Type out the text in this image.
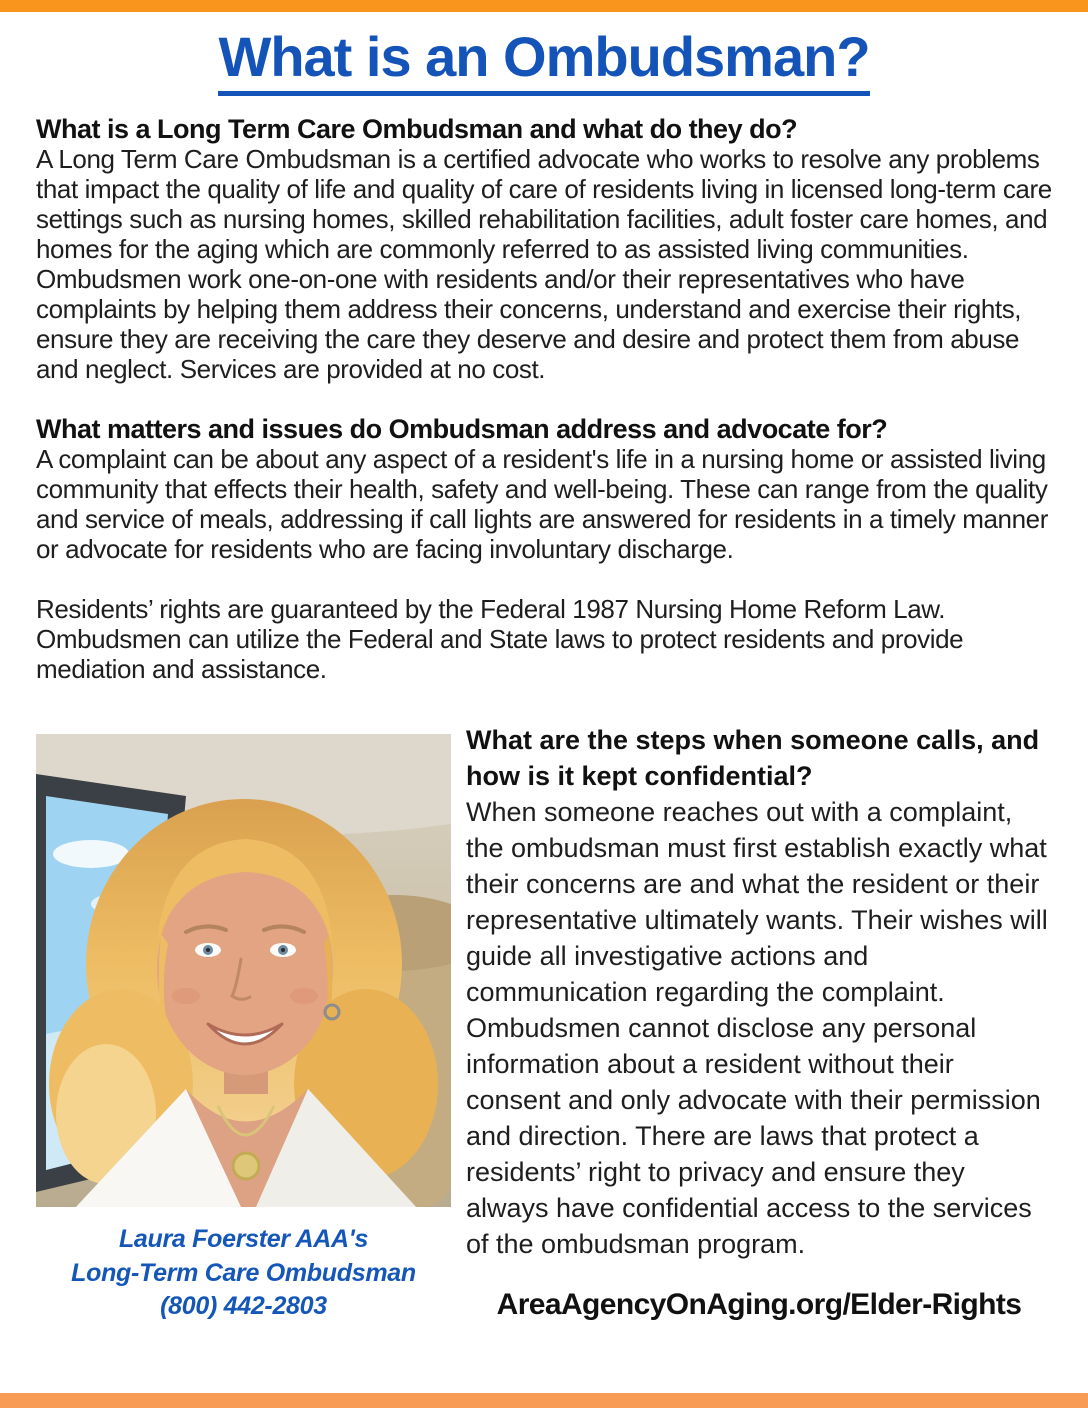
What is an Ombudsman?
What is a Long Term Care Ombudsman and what do they do?
A Long Term Care Ombudsman is a certified advocate who works to resolve any problems that impact the quality of life and quality of care of residents living in licensed long-term care settings such as nursing homes, skilled rehabilitation facilities, adult foster care homes, and homes for the aging which are commonly referred to as assisted living communities. Ombudsmen work one-on-one with residents and/or their representatives who have complaints by helping them address their concerns, understand and exercise their rights, ensure they are receiving the care they deserve and desire and protect them from abuse and neglect. Services are provided at no cost.
What matters and issues do Ombudsman address and advocate for?
A complaint can be about any aspect of a resident's life in a nursing home or assisted living community that effects their health, safety and well-being. These can range from the quality and service of meals, addressing if call lights are answered for residents in a timely manner or advocate for residents who are facing involuntary discharge.
Residents’ rights are guaranteed by the Federal 1987 Nursing Home Reform Law. Ombudsmen can utilize the Federal and State laws to protect residents and provide mediation and assistance.
Laura Foerster AAA's
Long-Term Care Ombudsman
(800) 442-2803
What are the steps when someone calls, and how is it kept confidential?
When someone reaches out with a complaint, the ombudsman must first establish exactly what their concerns are and what the resident or their representative ultimately wants. Their wishes will guide all investigative actions and communication regarding the complaint. Ombudsmen cannot disclose any personal information about a resident without their consent and only advocate with their permission and direction. There are laws that protect a residents’ right to privacy and ensure they always have confidential access to the services of the ombudsman program.
AreaAgencyOnAging.org/Elder-Rights
